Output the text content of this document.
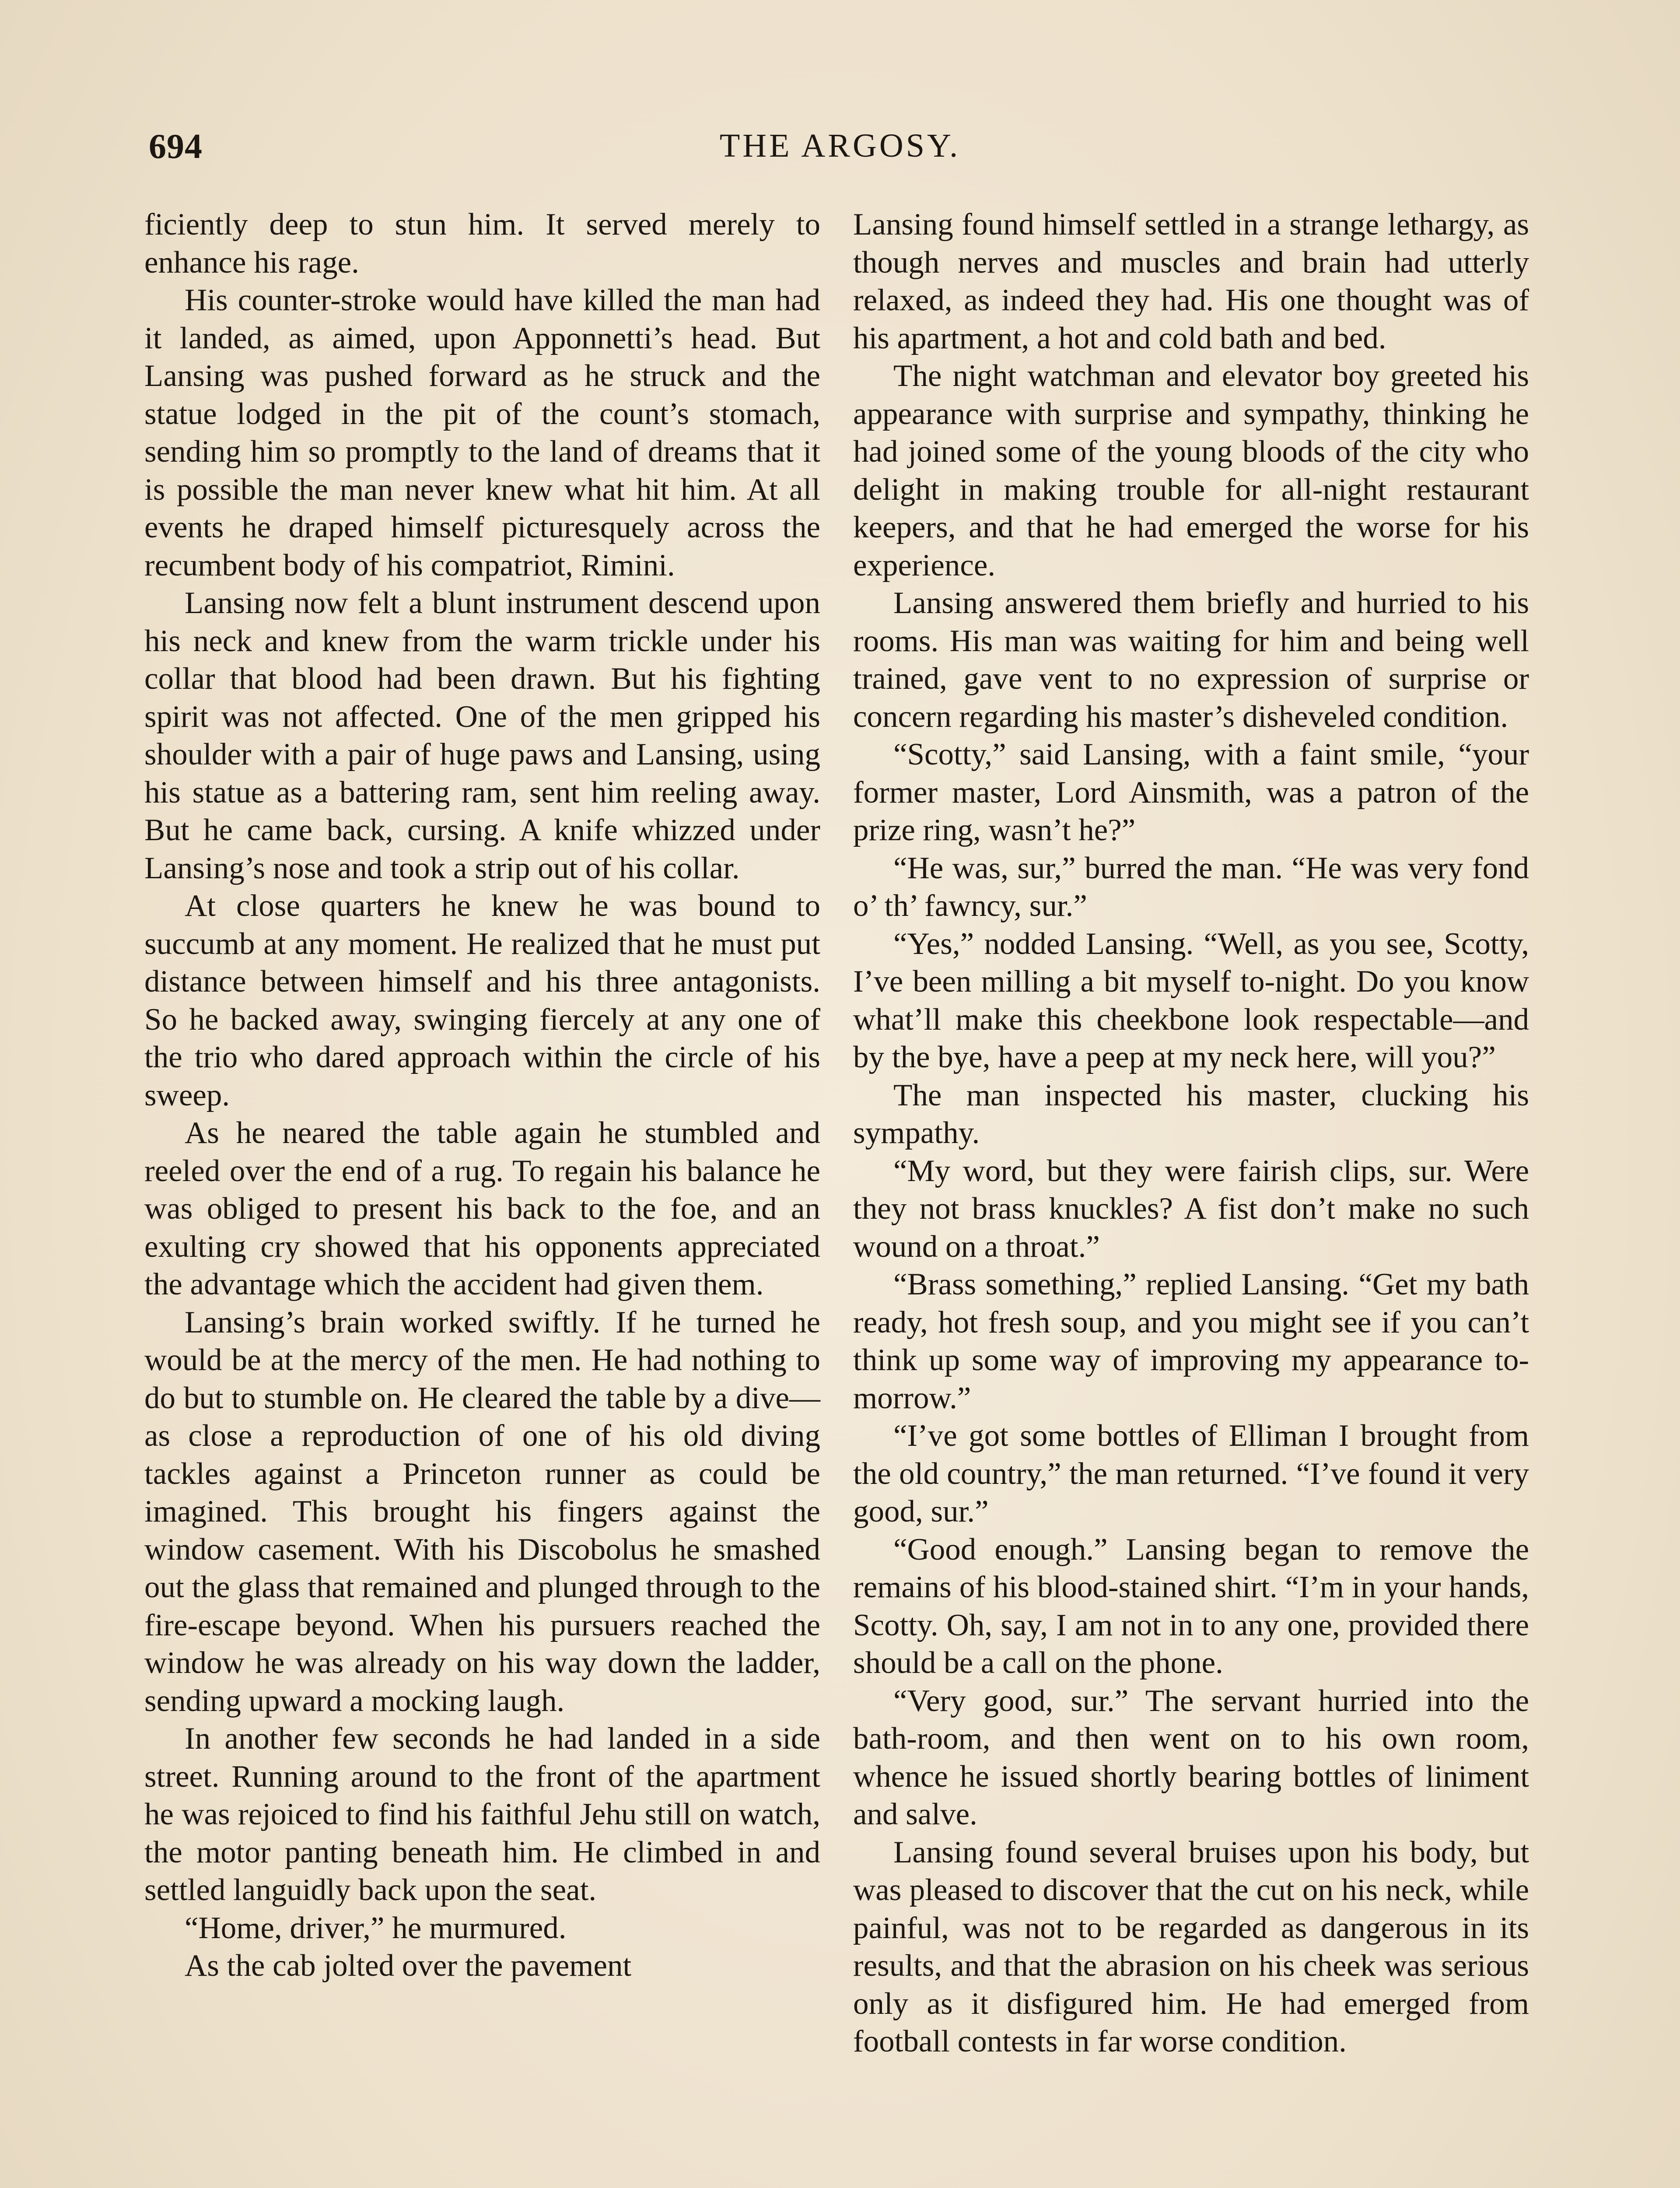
694	THE ARGOSY.

ficiently deep to stun him. It served merely to enhance his rage.

His counter-stroke would have killed the man had it landed, as aimed, upon Apponnetti’s head. But Lansing was pushed forward as he struck and the statue lodged in the pit of the count’s stomach, sending him so promptly to the land of dreams that it is possible the man never knew what hit him. At all events he draped himself picturesquely across the recumbent body of his compatriot, Rimini.

Lansing now felt a blunt instrument descend upon his neck and knew from the warm trickle under his collar that blood had been drawn. But his fighting spirit was not affected. One of the men gripped his shoulder with a pair of huge paws and Lansing, using his statue as a battering ram, sent him reeling away. But he came back, cursing. A knife whizzed under Lansing’s nose and took a strip out of his collar.

At close quarters he knew he was bound to succumb at any moment. He realized that he must put distance between himself and his three antagonists. So he backed away, swinging fiercely at any one of the trio who dared approach within the circle of his sweep.

As he neared the table again he stumbled and reeled over the end of a rug. To regain his balance he was obliged to present his back to the foe, and an exulting cry showed that his opponents appreciated the advantage which the accident had given them.

Lansing’s brain worked swiftly. If he turned he would be at the mercy of the men. He had nothing to do but to stumble on. He cleared the table by a dive—as close a reproduction of one of his old diving tackles against a Princeton runner as could be imagined. This brought his fingers against the window casement. With his Discobolus he smashed out the glass that remained and plunged through to the fire-escape beyond. When his pursuers reached the window he was already on his way down the ladder, sending upward a mocking laugh.

In another few seconds he had landed in a side street. Running around to the front of the apartment he was rejoiced to find his faithful Jehu still on watch, the motor panting beneath him. He climbed in and settled languidly back upon the seat.

“Home, driver,” he murmured.

As the cab jolted over the pavement

Lansing found himself settled in a strange lethargy, as though nerves and muscles and brain had utterly relaxed, as indeed they had. His one thought was of his apartment, a hot and cold bath and bed.

The night watchman and elevator boy greeted his appearance with surprise and sympathy, thinking he had joined some of the young bloods of the city who delight in making trouble for all-night restaurant keepers, and that he had emerged the worse for his experience.

Lansing answered them briefly and hurried to his rooms. His man was waiting for him and being well trained, gave vent to no expression of surprise or concern regarding his master’s disheveled condition.

“Scotty,” said Lansing, with a faint smile, “your former master, Lord Ainsmith, was a patron of the prize ring, wasn’t he?”

“He was, sur,” burred the man. “He was very fond o’ th’ fawncy, sur.”

“Yes,” nodded Lansing. “Well, as you see, Scotty, I’ve been milling a bit myself to-night. Do you know what’ll make this cheekbone look respectable—and by the bye, have a peep at my neck here, will you?”

The man inspected his master, clucking his sympathy.

“My word, but they were fairish clips, sur. Were they not brass knuckles? A fist don’t make no such wound on a throat.”

“Brass something,” replied Lansing. “Get my bath ready, hot fresh soup, and you might see if you can’t think up some way of improving my appearance to-morrow.”

“I’ve got some bottles of Elliman I brought from the old country,” the man returned. “I’ve found it very good, sur.”

“Good enough.” Lansing began to remove the remains of his blood-stained shirt. “I’m in your hands, Scotty. Oh, say, I am not in to any one, provided there should be a call on the phone.

“Very good, sur.” The servant hurried into the bath-room, and then went on to his own room, whence he issued shortly bearing bottles of liniment and salve.

Lansing found several bruises upon his body, but was pleased to discover that the cut on his neck, while painful, was not to be regarded as dangerous in its results, and that the abrasion on his cheek was serious only as it disfigured him. He had emerged from football contests in far worse condition.
